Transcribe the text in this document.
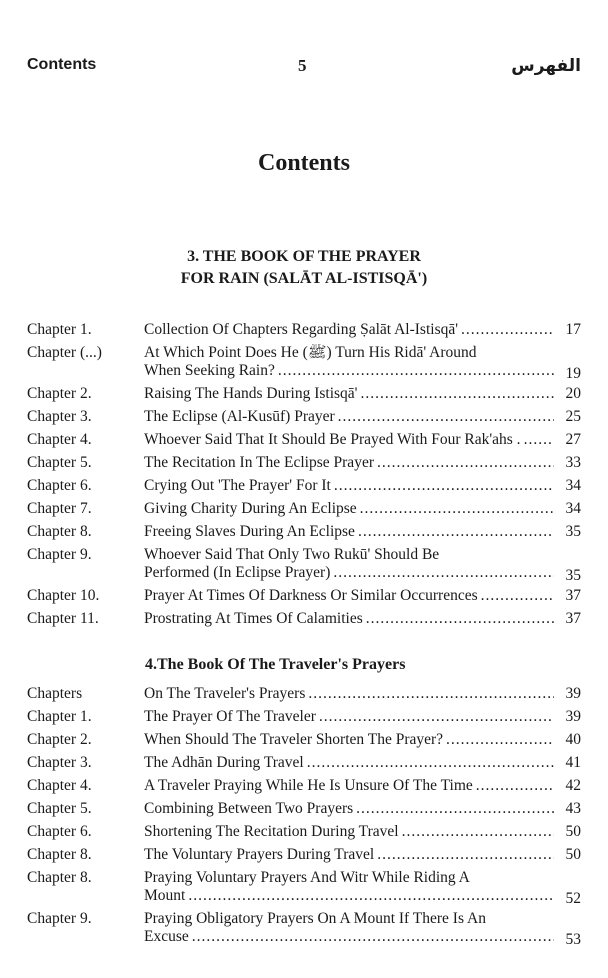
Contents	5	الفهرس
Contents
3. THE BOOK OF THE PRAYER
FOR RAIN (SALĀT AL-ISTISQĀ')
Chapter 1.	Collection Of Chapters Regarding Ṣalāt Al-Istisqā' .....	17
Chapter (...)	At Which Point Does He (ﷺ) Turn His Ridā' Around
When Seeking Rain? .....	19
Chapter 2.	Raising The Hands During Istisqā' .....	20
Chapter 3.	The Eclipse (Al-Kusūf) Prayer .....	25
Chapter 4.	Whoever Said That It Should Be Prayed With Four Rak'ahs . .....	27
Chapter 5.	The Recitation In The Eclipse Prayer .....	33
Chapter 6.	Crying Out 'The Prayer' For It .....	34
Chapter 7.	Giving Charity During An Eclipse .....	34
Chapter 8.	Freeing Slaves During An Eclipse .....	35
Chapter 9.	Whoever Said That Only Two Rukū' Should Be
Performed (In Eclipse Prayer) .....	35
Chapter 10.	Prayer At Times Of Darkness Or Similar Occurrences .....	37
Chapter 11.	Prostrating At Times Of Calamities .....	37
4.The Book Of The Traveler's Prayers
Chapters	On The Traveler's Prayers .....	39
Chapter 1.	The Prayer Of The Traveler .....	39
Chapter 2.	When Should The Traveler Shorten The Prayer? .....	40
Chapter 3.	The Adhān During Travel .....	41
Chapter 4.	A Traveler Praying While He Is Unsure Of The Time .....	42
Chapter 5.	Combining Between Two Prayers .....	43
Chapter 6.	Shortening The Recitation During Travel .....	50
Chapter 8.	The Voluntary Prayers During Travel .....	50
Chapter 8.	Praying Voluntary Prayers And Witr While Riding A
Mount .....	52
Chapter 9.	Praying Obligatory Prayers On A Mount If There Is An
Excuse .....	53
